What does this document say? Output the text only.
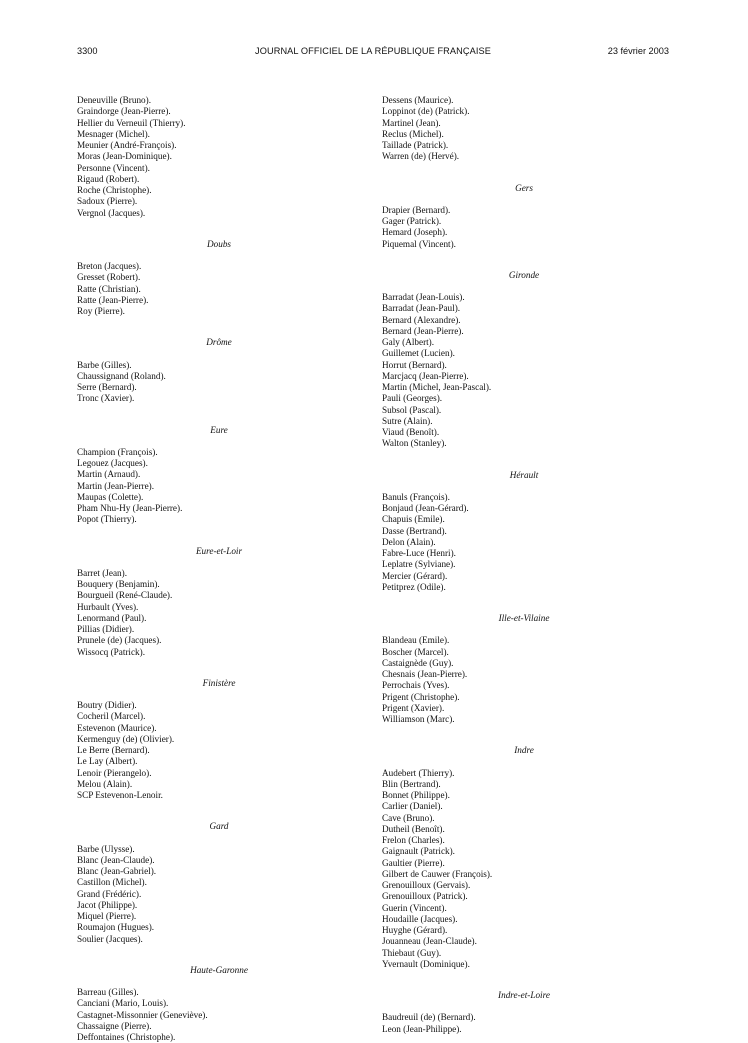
3300	JOURNAL OFFICIEL DE LA RÉPUBLIQUE FRANÇAISE	23 février 2003
Deneuville (Bruno).
Graindorge (Jean-Pierre).
Hellier du Verneuil (Thierry).
Mesnager (Michel).
Meunier (André-François).
Moras (Jean-Dominique).
Personne (Vincent).
Rigaud (Robert).
Roche (Christophe).
Sadoux (Pierre).
Vergnol (Jacques).
Doubs
Breton (Jacques).
Gresset (Robert).
Ratte (Christian).
Ratte (Jean-Pierre).
Roy (Pierre).
Drôme
Barbe (Gilles).
Chaussignand (Roland).
Serre (Bernard).
Tronc (Xavier).
Eure
Champion (François).
Legouez (Jacques).
Martin (Arnaud).
Martin (Jean-Pierre).
Maupas (Colette).
Pham Nhu-Hy (Jean-Pierre).
Popot (Thierry).
Eure-et-Loir
Barret (Jean).
Bouquery (Benjamin).
Bourgueil (René-Claude).
Hurbault (Yves).
Lenormand (Paul).
Pillias (Didier).
Prunele (de) (Jacques).
Wissocq (Patrick).
Finistère
Boutry (Didier).
Cocheril (Marcel).
Estevenon (Maurice).
Kermenguy (de) (Olivier).
Le Berre (Bernard).
Le Lay (Albert).
Lenoir (Pierangelo).
Melou (Alain).
SCP Estevenon-Lenoir.
Gard
Barbe (Ulysse).
Blanc (Jean-Claude).
Blanc (Jean-Gabriel).
Castillon (Michel).
Grand (Frédéric).
Jacot (Philippe).
Miquel (Pierre).
Roumajon (Hugues).
Soulier (Jacques).
Haute-Garonne
Barreau (Gilles).
Canciani (Mario, Louis).
Castagnet-Missonnier (Geneviève).
Chassaigne (Pierre).
Deffontaines (Christophe).
Dessens (Maurice).
Loppinot (de) (Patrick).
Martinel (Jean).
Reclus (Michel).
Taillade (Patrick).
Warren (de) (Hervé).
Gers
Drapier (Bernard).
Gager (Patrick).
Hemard (Joseph).
Piquemal (Vincent).
Gironde
Barradat (Jean-Louis).
Barradat (Jean-Paul).
Bernard (Alexandre).
Bernard (Jean-Pierre).
Galy (Albert).
Guillemet (Lucien).
Horrut (Bernard).
Marcjacq (Jean-Pierre).
Martin (Michel, Jean-Pascal).
Pauli (Georges).
Subsol (Pascal).
Sutre (Alain).
Viaud (Benoît).
Walton (Stanley).
Hérault
Banuls (François).
Bonjaud (Jean-Gérard).
Chapuis (Emile).
Dasse (Bertrand).
Delon (Alain).
Fabre-Luce (Henri).
Leplatre (Sylviane).
Mercier (Gérard).
Petitprez (Odile).
Ille-et-Vilaine
Blandeau (Emile).
Boscher (Marcel).
Castaignède (Guy).
Chesnais (Jean-Pierre).
Perrochais (Yves).
Prigent (Christophe).
Prigent (Xavier).
Williamson (Marc).
Indre
Audebert (Thierry).
Blin (Bertrand).
Bonnet (Philippe).
Carlier (Daniel).
Cave (Bruno).
Dutheil (Benoît).
Frelon (Charles).
Gaignault (Patrick).
Gaultier (Pierre).
Gilbert de Cauwer (François).
Grenouilloux (Gervais).
Grenouilloux (Patrick).
Guerin (Vincent).
Houdaille (Jacques).
Huyghe (Gérard).
Jouanneau (Jean-Claude).
Thiebaut (Guy).
Yvernault (Dominique).
Indre-et-Loire
Baudreuil (de) (Bernard).
Leon (Jean-Philippe).
